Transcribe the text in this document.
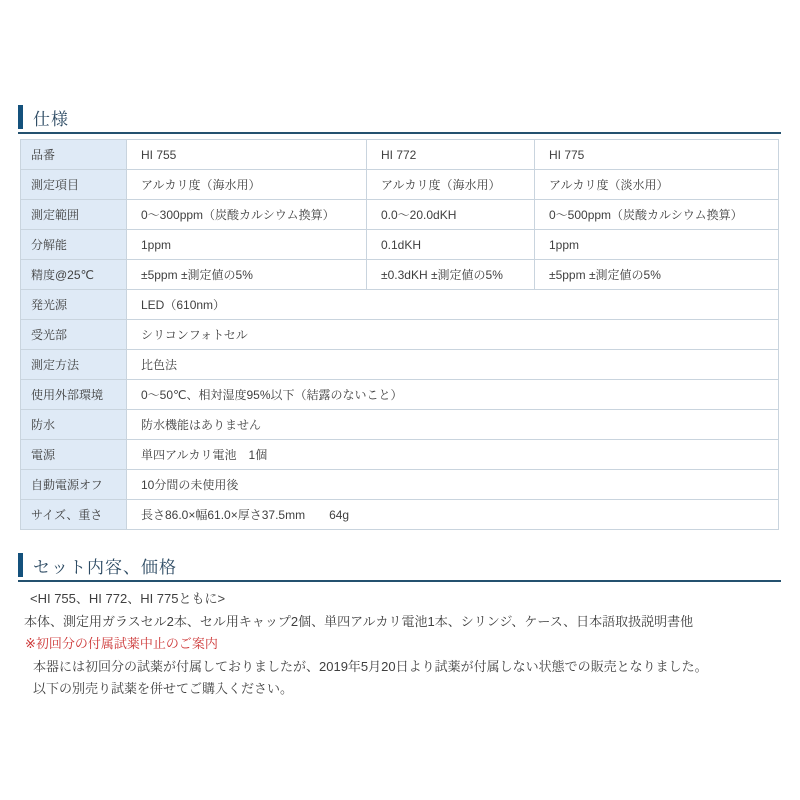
仕様
品番	HI 755	HI 772	HI 775
測定項目	アルカリ度（海水用）	アルカリ度（海水用）	アルカリ度（淡水用）
測定範囲	0～300ppm（炭酸カルシウム換算）	0.0～20.0dKH	0～500ppm（炭酸カルシウム換算）
分解能	1ppm	0.1dKH	1ppm
精度@25℃	±5ppm ±測定値の5%	±0.3dKH ±測定値の5%	±5ppm ±測定値の5%
発光源	LED（610nm）		
受光部	シリコンフォトセル		
測定方法	比色法		
使用外部環境	0～50℃、相対湿度95%以下（結露のないこと）		
防水	防水機能はありません		
電源	単四アルカリ電池　1個		
自動電源オフ	10分間の未使用後		
サイズ、重さ	長さ86.0×幅61.0×厚さ37.5mm　　64g		
セット内容、価格
<HI 755、HI 772、HI 775ともに>
本体、測定用ガラスセル2本、セル用キャップ2個、単四アルカリ電池1本、シリンジ、ケース、日本語取扱説明書他
※初回分の付属試薬中止のご案内
本器には初回分の試薬が付属しておりましたが、2019年5月20日より試薬が付属しない状態での販売となりました。
以下の別売り試薬を併せてご購入ください。
